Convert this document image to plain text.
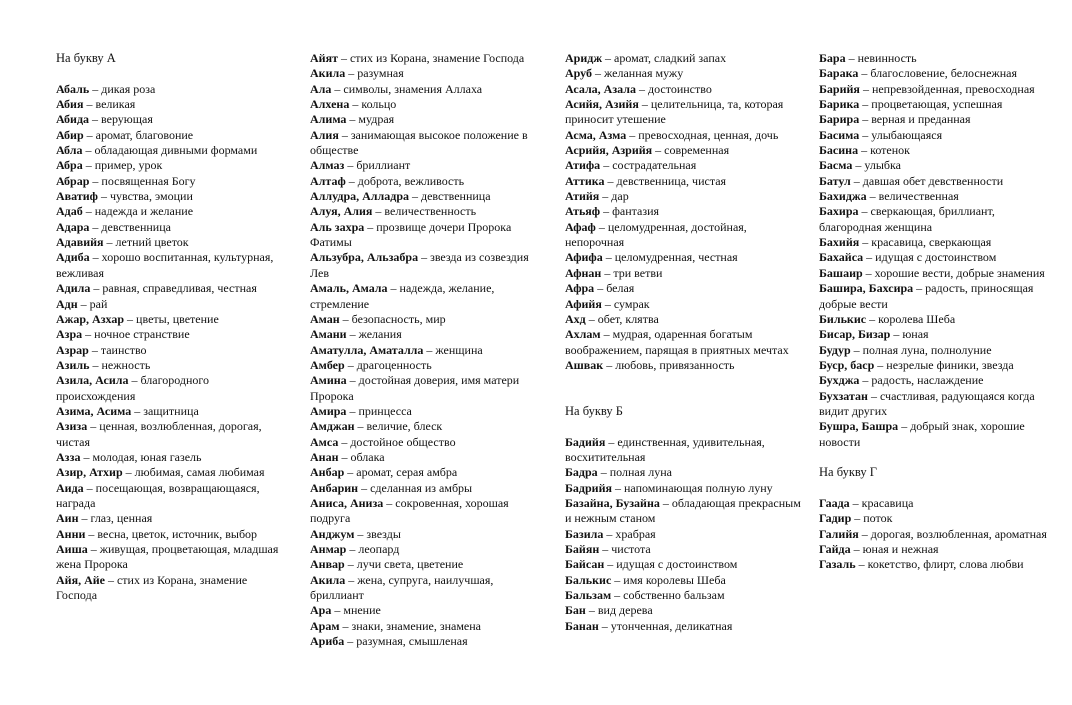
На букву А

Абаль – дикая роза

Абия – великая

Абида – верующая

Абир – аромат, благовоние

Абла – обладающая дивными формами

Абра – пример, урок

Абрар – посвященная Богу

Аватиф – чувства, эмоции

Адаб – надежда и желание

Адара – девственница

Адавийя – летний цветок

Адиба – хорошо воспитанная, культурная, вежливая

Адила – равная, справедливая, честная

Адн – рай

Ажар, Азхар – цветы, цветение

Азра – ночное странствие

Азрар – таинство

Азиль – нежность

Азила, Асила – благородного происхождения

Азима, Асима – защитница

Азиза – ценная, возлюбленная, дорогая, чистая

Азза – молодая, юная газель

Азир, Атхир – любимая, самая любимая

Аида – посещающая, возвращающаяся, награда

Аин – глаз, ценная

Анни – весна, цветок, источник, выбор

Аиша – живущая, процветающая, младшая жена Пророка

Айя, Айе – стих из Корана, знамение Господа

Айят – стих из Корана, знамение Господа

Акила – разумная

Ала – символы, знамения Аллаха

Алхена – кольцо

Алима – мудрая

Алия – занимающая высокое положение в обществе

Алмаз – бриллиант

Алтаф – доброта, вежливость

Аллудра, Алладра – девственница

Алуя, Алия – величественность

Аль захра – прозвище дочери Пророка Фатимы

Альзубра, Альзабра – звезда из созвездия Лев

Амаль, Амала – надежда, желание, стремление

Аман – безопасность, мир

Амани – желания

Аматулла, Аматалла – женщина

Амбер – драгоценность

Амина – достойная доверия, имя матери Пророка

Амира – принцесса

Амджан – величие, блеск

Амса – достойное общество

Анан – облака

Анбар – аромат, серая амбра

Анбарин – сделанная из амбры

Аниса, Аниза – сокровенная, хорошая подруга

Анджум – звезды

Анмар – леопард

Анвар – лучи света, цветение

Акила – жена, супруга, наилучшая, бриллиант

Ара – мнение

Арам – знаки, знамение, знамена

Ариба – разумная, смышленая

Аридж – аромат, сладкий запах

Аруб – желанная мужу

Асала, Азала – достоинство

Асийя, Азийя – целительница, та, которая приносит утешение

Асма, Азма – превосходная, ценная, дочь

Асрийя, Азрийя – современная

Атифа – сострадательная

Аттика – девственница, чистая

Атийя – дар

Атьяф – фантазия

Афаф – целомудренная, достойная, непорочная

Афифа – целомудренная, честная

Афнан – три ветви

Афра – белая

Афийя – сумрак

Ахд – обет, клятва

Ахлам – мудрая, одаренная богатым воображением, парящая в приятных мечтах

Ашвак – любовь, привязанность

На букву Б

Бадийя – единственная, удивительная, восхитительная

Бадра – полная луна

Бадрийя – напоминающая полную луну

Базайна, Бузайна – обладающая прекрасным и нежным станом

Базила – храбрая

Байян – чистота

Байсан – идущая с достоинством

Балькис – имя королевы Шеба

Бальзам – собственно бальзам

Бан – вид дерева

Банан – утонченная, деликатная

Бара – невинность

Барака – благословение, белоснежная

Барийя – непревзойденная, превосходная

Барика – процветающая, успешная

Барира – верная и преданная

Басима – улыбающаяся

Басина – котенок

Басма – улыбка

Батул – давшая обет девственности

Бахиджа – величественная

Бахира – сверкающая, бриллиант, благородная женщина

Бахийя – красавица, сверкающая

Бахайса – идущая с достоинством

Башаир – хорошие вести, добрые знамения

Башира, Бахсира – радость, приносящая добрые вести

Билькис – королева Шеба

Бисар, Бизар – юная

Будур – полная луна, полнолуние

Буср, баср – незрелые финики, звезда

Бухджа – радость, наслаждение

Бухзатан – счастливая, радующаяся когда видит других

Бушра, Башра – добрый знак, хорошие новости

На букву Г

Гаада – красавица

Гадир – поток

Галийя – дорогая, возлюбленная, ароматная

Гайда – юная и нежная

Газаль – кокетство, флирт, слова любви
